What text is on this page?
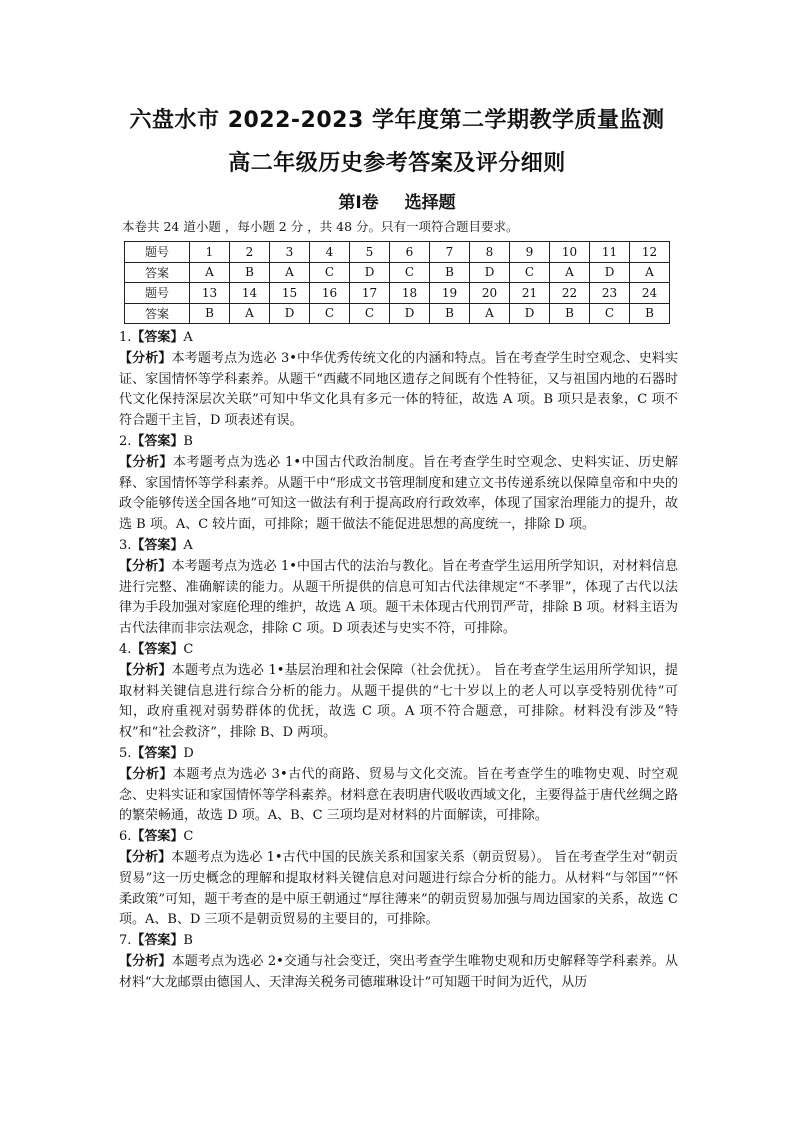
六盘水市 2022-2023 学年度第二学期教学质量监测
高二年级历史参考答案及评分细则
第Ⅰ卷 选择题
本卷共 24 道小题 ，每小题 2 分 ，共 48 分。只有一项符合题目要求。
题号	1	2	3	4	5	6	7	8	9	10	11	12
答案	A	B	A	C	D	C	B	D	C	A	D	A
题号	13	14	15	16	17	18	19	20	21	22	23	24
答案	B	A	D	C	C	D	B	A	D	B	C	B

1.【答案】A

【分析】本考题考点为选必 3•中华优秀传统文化的内涵和特点。旨在考查学生时空观念、史料实证、家国情怀等学科素养。从题干“西藏不同地区遗存之间既有个性特征，又与祖国内地的石器时代文化保持深层次关联”可知中华文化具有多元一体的特征，故选 A 项。B 项只是表象，C 项不符合题干主旨，D 项表述有误。

2.【答案】B

【分析】本考题考点为选必 1•中国古代政治制度。旨在考查学生时空观念、史料实证、历史解释、家国情怀等学科素养。从题干中“形成文书管理制度和建立文书传递系统以保障皇帝和中央的政令能够传送全国各地”可知这一做法有利于提高政府行政效率，体现了国家治理能力的提升，故选 B 项。A、C 较片面，可排除；题干做法不能促进思想的高度统一，排除 D 项。

3.【答案】A

【分析】本考题考点为选必 1•中国古代的法治与教化。旨在考查学生运用所学知识，对材料信息进行完整、准确解读的能力。从题干所提供的信息可知古代法律规定“不孝罪”，体现了古代以法律为手段加强对家庭伦理的维护，故选 A 项。题干未体现古代刑罚严苛，排除 B 项。材料主语为古代法律而非宗法观念，排除 C 项。D 项表述与史实不符，可排除。

4.【答案】C

【分析】本题考点为选必 1•基层治理和社会保障（社会优抚）。 旨在考查学生运用所学知识，提取材料关键信息进行综合分析的能力。从题干提供的“七十岁以上的老人可以享受特别优待”可知，政府重视对弱势群体的优抚，故选 C 项。A 项不符合题意，可排除。材料没有涉及“特权”和“社会救济”，排除 B、D 两项。

5.【答案】D

【分析】本题考点为选必 3•古代的商路、贸易与文化交流。旨在考查学生的唯物史观、时空观念、史料实证和家国情怀等学科素养。材料意在表明唐代吸收西域文化，主要得益于唐代丝绸之路的繁荣畅通，故选 D 项。A、B、C 三项均是对材料的片面解读，可排除。

6.【答案】C

【分析】本题考点为选必 1•古代中国的民族关系和国家关系（朝贡贸易）。 旨在考查学生对“朝贡贸易”这一历史概念的理解和提取材料关键信息对问题进行综合分析的能力。从材料“与邻国”“怀柔政策”可知，题干考查的是中原王朝通过“厚往薄来”的朝贡贸易加强与周边国家的关系，故选 C 项。A、B、D 三项不是朝贡贸易的主要目的，可排除。

7.【答案】B

【分析】本题考点为选必 2•交通与社会变迁，突出考查学生唯物史观和历史解释等学科素养。从材料“大龙邮票由德国人、天津海关税务司德璀琳设计”可知题干时间为近代，从历
